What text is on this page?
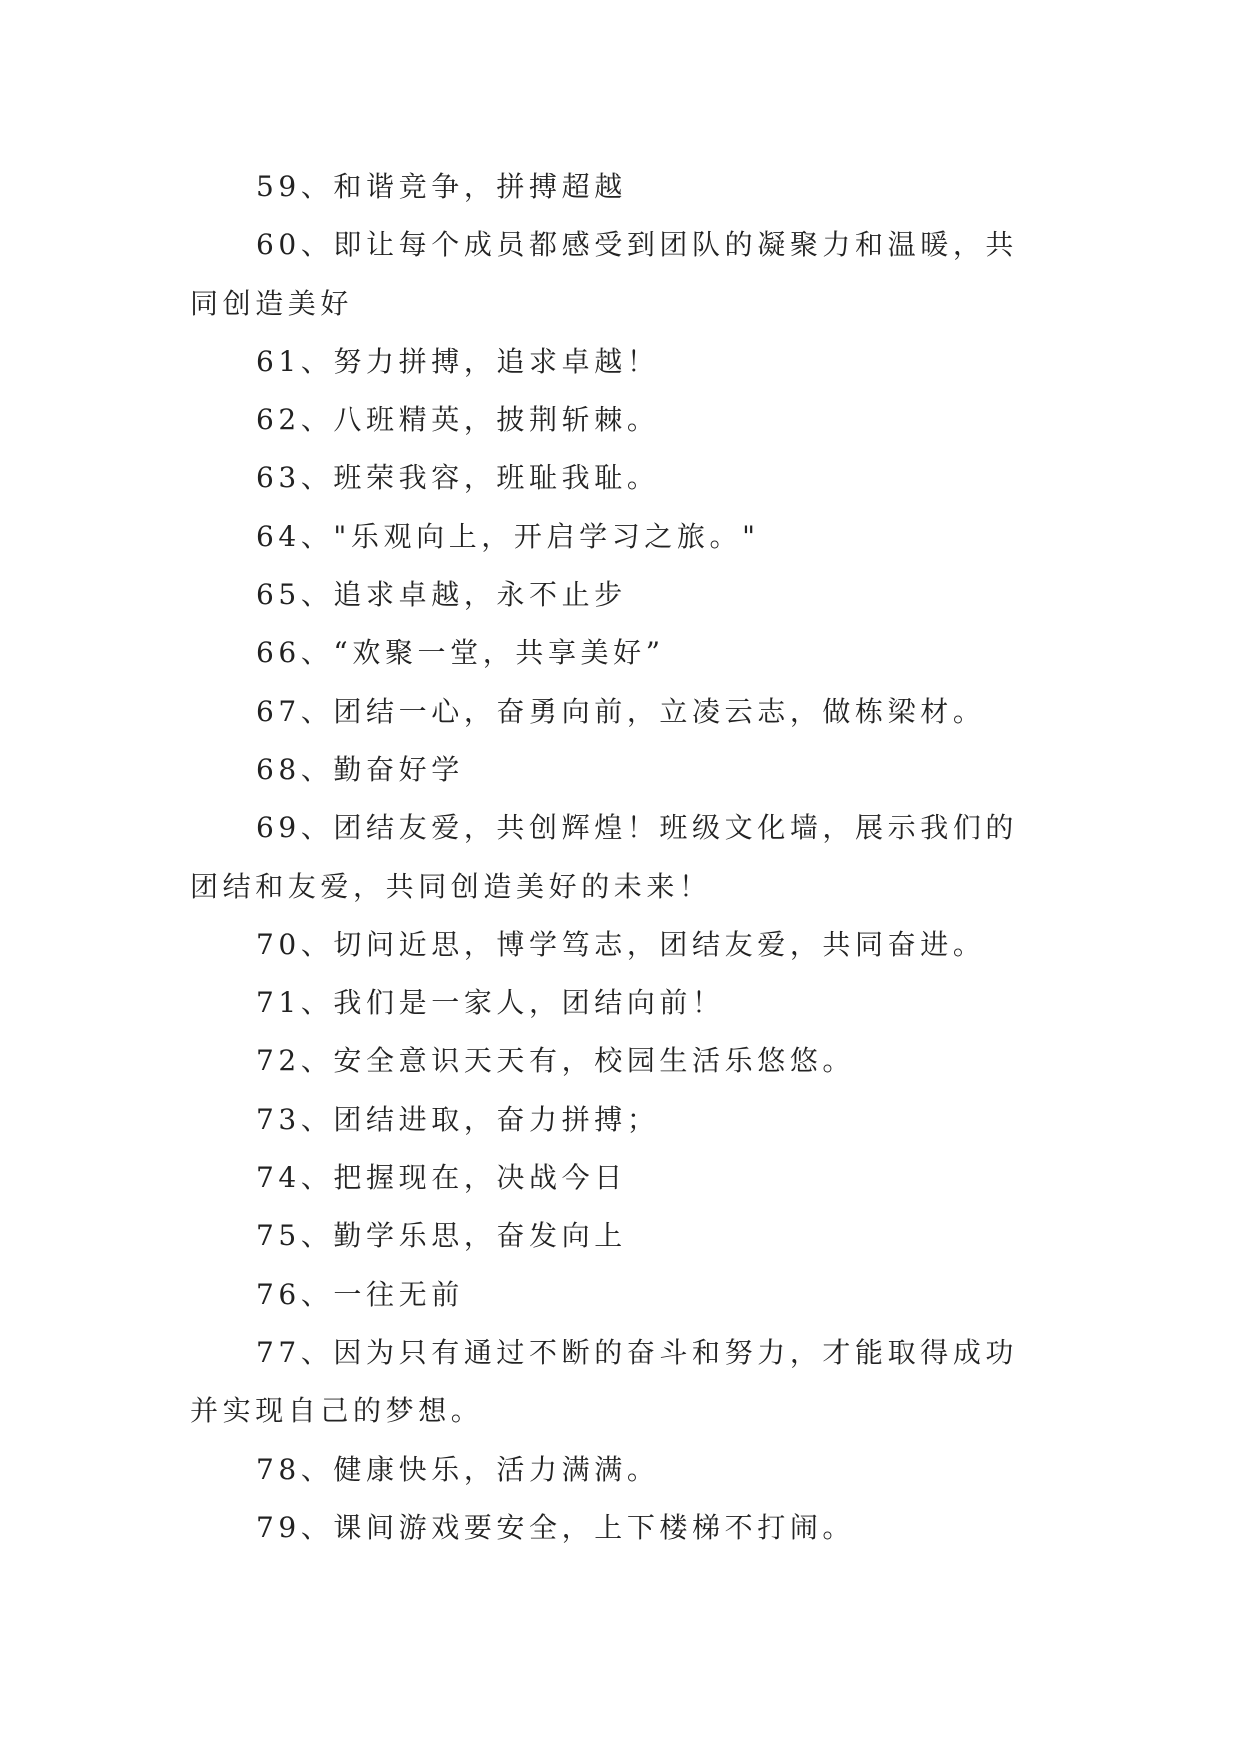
59、和谐竞争，拼搏超越

60、即让每个成员都感受到团队的凝聚力和温暖，共同创造美好

61、努力拼搏，追求卓越！

62、八班精英，披荆斩棘。

63、班荣我容，班耻我耻。

64、"乐观向上，开启学习之旅。"

65、追求卓越，永不止步

66、“欢聚一堂，共享美好”

67、团结一心，奋勇向前，立凌云志，做栋梁材。

68、勤奋好学

69、团结友爱，共创辉煌！班级文化墙，展示我们的团结和友爱，共同创造美好的未来！

70、切问近思，博学笃志，团结友爱，共同奋进。

71、我们是一家人，团结向前！

72、安全意识天天有，校园生活乐悠悠。

73、团结进取，奋力拼搏；

74、把握现在，决战今日

75、勤学乐思，奋发向上

76、一往无前

77、因为只有通过不断的奋斗和努力，才能取得成功并实现自己的梦想。

78、健康快乐，活力满满。

79、课间游戏要安全，上下楼梯不打闹。
